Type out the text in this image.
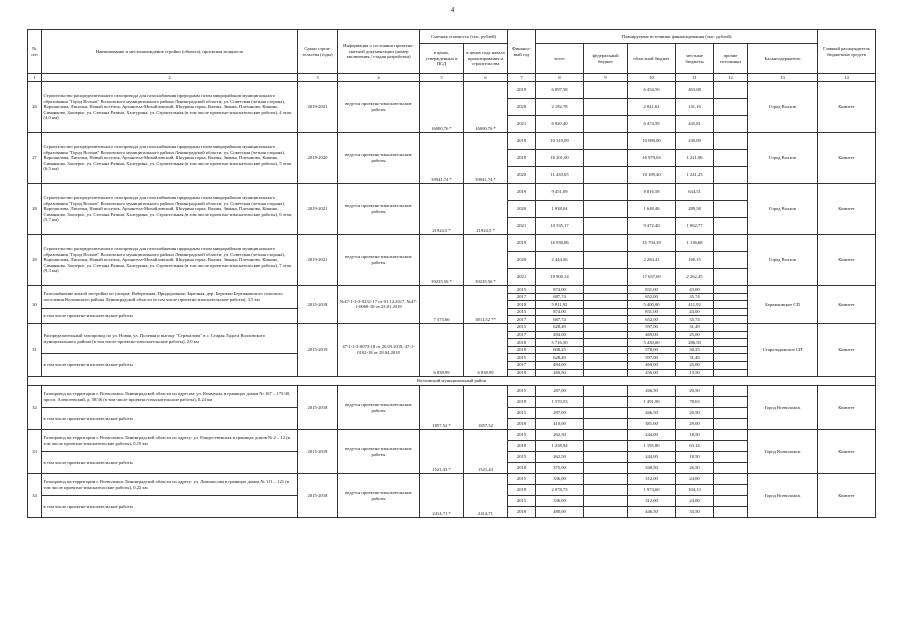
4
№
п/п	Наименование и местонахождение стройки (объекта), проектная мощность	Сроки строи-тельства (годы)	Информация о состоянии проектно-сметной документации (номер заключения / стадия разработки)	Сметная стоимость (тыс. рублей)		Финансо-вый год	Планируемые источники финансирования (тыс. рублей)						Главный распорядитель бюджетных средств
				в ценах, утвержденных в ПСД	в ценах года начала проектирования и строительства		всего	федеральный бюджет	областной бюджет	местные бюджеты	прочие источники	Балансодержатель	
1	2	3	4	5	6	7	8	9	10	11	12	13	14
26	Строительство распределительного газопровода для газоснабжения природным газом микрорайонов муниципального образования "Город Волхов" Волховского муниципального района Ленинградской области: ул. Советская (четная сторона), Ворошилова, Лисичья, Новый поселок, Архангела-Михайловский, Шкурина горка, Валмы, Званка, Плеханово, Кикино, Симанково, Заозерье, ул. Степана Разина, Халтурина, ул. Строительная (в том числе проектно-изыскательские работы), 4 этап (4,0 км)	2019-2021	ведутся проектно-изыскательские работы	16000,76 *	16000,76 *	2019	6 897,58		6 434,50	463,08		Город Волхов	Комитет
						2020	2 182,78		2 041,62	141,16			
						2021	6 920,40		6 474,59	445,81			
27	Строительство распределительного газопровода для газоснабжения природным газом микрорайонов муниципального образования "Город Волхов" Волховского муниципального района Ленинградской области: ул. Советская (четная сторона), Ворошилова, Лисичья, Новый поселок, Архангела-Михайловский, Шкурина горка, Валмы, Званка, Плеханово, Кикино, Симанково, Заозерье, ул. Степана Разина, Халтурина, ул. Строительная (в том числе проектно-изыскательские работы), 5 этап (6,5 км)	2018-2020	ведутся проектно-изыскательские работы	39941,74 *	39941,74 *	2018	10 310,09		10 080,00	230,09		Город Волхов	Комитет
						2019	18 201,00		16 979,04	1 221,96			
						2020	11 430,65		10 189,40	1 241,25			
28	Строительство распределительного газопровода для газоснабжения природным газом микрорайонов муниципального образования "Город Волхов" Волховского муниципального района Ленинградской области: ул. Советская (четная сторона), Ворошилова, Лисичья, Новый поселок, Архангела-Михайловский, Шкурина горка, Валмы, Званка, Плеханово, Кикино, Симанково, Заозерье, ул. Степана Разина, Халтурина, ул. Строительная (в том числе проектно-изыскательские работы), 6 этап, (5,7 км)	2019-2021	ведутся проектно-изыскательские работы	21924,5 *	21924,5 *	2019	9 451,09		8 816,58	634,51		Город Волхов	Комитет
						2020	1 938,04		1 648,46	289,58			
						2021	10 535,17		9 472,40	1 062,77			
29	Строительство распределительного газопровода для газоснабжения природным газом микрорайонов муниципального образования "Город Волхов" Волховского муниципального района Ленинградской области: ул. Советская (четная сторона), Ворошилова, Лисичья, Новый поселок, Архангела-Михайловский, Шкурина горка, Валмы, Званка, Плеханово, Кикино, Симанково, Заозерье, ул. Степана Разина, Халтурина, ул. Строительная (в том числе проектно-изыскательские работы), 7 этап (9,3 км)	2019-2021	ведутся проектно-изыскательские работы	39235,56 *	39235,56 *	2019	16 930,86		15 794,18	1 136,68		Город Волхов	Комитет
						2020	2 444,56		2 284,41	160,15			
						2021	19 900,14		17 637,69	2 262,45			
30	Газоснабжение жилой застройки по улицам: Набережная, Придорожная, Заречная, дер. Бережки Бережковского сельского поселения Волховского района Ленинградской области (в том числе проектно-изыскательские работы), 3,5 км	2015-2018	№47-1-1-3-0231-17 от 01.12.2017, №47-1-0068-18 от 23.01.2018	7 373,66	5811,52 **	2015	874,00		831,00	43,00		Бережковское СП	Комитет
						2017	687,74		652,00	35,74			
						2018	5 811,92		5 400,00	411,92			
	в том числе проектно-изыскательские работы					2015	874,00		831,00	43,00			
						2017	687,74		652,00	35,74			
31	Распределительный газопровод по ул. Новая, ул. Полевая и выгону "Стрекалова" в с. Старая Ладога Волховского муниципального района (в том числе проектно-изыскательские работы), 2,0 км	2015-2019	47-1-1-3-0073-18 от 20.03.2018, 47-1-0102-18 от 28.04.2018	6 838,99	6 838,99	2015	628,49		597,00	31,49		Староладожское СП	Комитет
						2017	494,00		469,00	25,00			
						2018	5 716,50		5 430,00	286,50			
						2019	608,25		578,00	30,25			
	в том числе проектно-изыскательские работы					2015	628,49		597,00	31,49			
						2017	494,00		469,00	25,00			
						2018	269,50		256,00	13,50			
Волховский муниципальный район													
32	Газопровод на территории г. Всеволожск Ленинградской области по адресам: ул. Коммуны, в границах домов № 167 – 175/40, просп. Алексеевский, д. 38/36 (в том числе проектно-изыскательские работы), 0,24 км	2015-2018	ведутся проектно-изыскательские работы	1857,52 *	1857,52	2015	287,00		266,50	20,50		Город Всеволожск	Комитет
						2018	1 570,53		1 491,90	78,63			
	в том числе проектно-изыскательские работы					2015	287,00		266,50	20,50			
						2018	410,00		381,00	29,00			
33	Газопровод на территории г. Всеволожск Ленинградской области по адресу: ул. Рождественская в границах домов № 2 – 12 (в том числе проектно-изыскательские работы), 0,19 км	2015-2018	ведутся проектно-изыскательские работы	1521,43 *	1521,43	2015	262,50		244,00	18,50		Город Всеволожск	Комитет
						2018	1 258,94		1 195,80	63,14			
	в том числе проектно-изыскательские работы					2015	262,50		244,00	18,50			
						2018	375,00		348,50	26,50			
34	Газопровод на территории г. Всеволожск Ленинградской области по адресу: ул. Ломоносова в границах домов № 111 – 121 (в том числе проектно-изыскательские работы), 0,22 км	2015-2018	ведутся проектно-изыскательские работы	2414,71 *	2414,71	2015	336,00		312,00	24,00		Город Всеволожск	Комитет
						2018	2 078,73		1 974,60	104,13			
	в том числе проектно-изыскательские работы					2015	336,00		312,00	24,00			
						2018	480,00		446,50	33,50			
